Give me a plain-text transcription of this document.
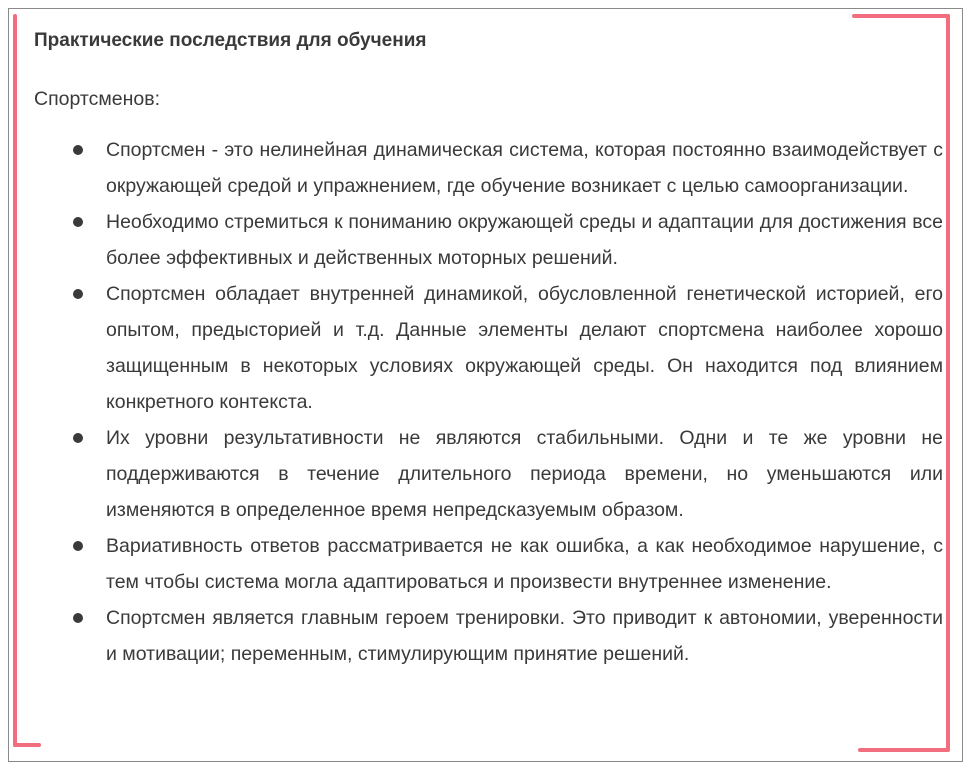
Практические последствия для обучения
Спортсменов:
Спортсмен - это нелинейная динамическая система, которая постоянно взаимодействует с окружающей средой и упражнением, где обучение возникает с целью самоорганизации.
Необходимо стремиться к пониманию окружающей среды и адаптации для достижения все более эффективных и действенных моторных решений.
Спортсмен обладает внутренней динамикой, обусловленной генетической историей, его опытом, предысторией и т.д. Данные элементы делают спортсмена наиболее хорошо защищенным в некоторых условиях окружающей среды. Он находится под влиянием конкретного контекста.
Их уровни результативности не являются стабильными. Одни и те же уровни не поддерживаются в течение длительного периода времени, но уменьшаются или изменяются в определенное время непредсказуемым образом.
Вариативность ответов рассматривается не как ошибка, а как необходимое нарушение, с тем чтобы система могла адаптироваться и произвести внутреннее изменение.
Спортсмен является главным героем тренировки. Это приводит к автономии, уверенности и мотивации; переменным, стимулирующим принятие решений.
